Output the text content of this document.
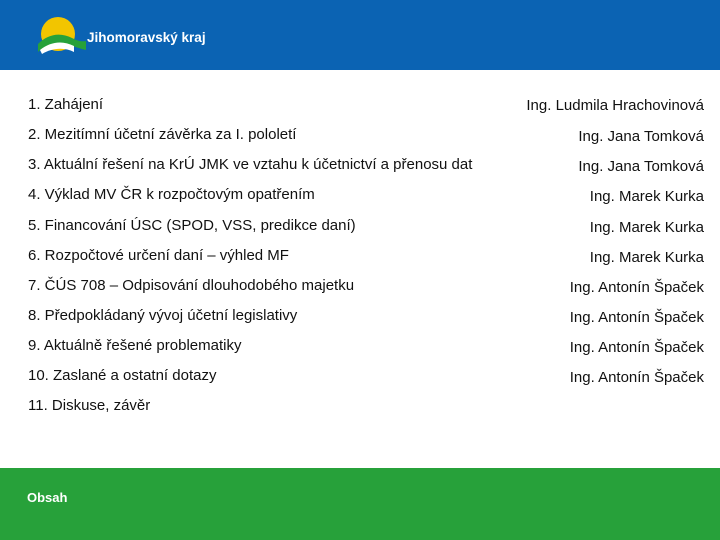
Jihomoravský kraj
1. Zahájení	Ing. Ludmila Hrachovinová
2. Mezitímní účetní závěrka za I. pololetí	Ing. Jana Tomková
3. Aktuální řešení na KrÚ JMK ve vztahu k účetnictví a přenosu dat	Ing. Jana Tomková
4. Výklad MV ČR k rozpočtovým opatřením	Ing. Marek Kurka
5. Financování ÚSC (SPOD, VSS, predikce daní)	Ing. Marek Kurka
6. Rozpočtové určení daní – výhled MF	Ing. Marek Kurka
7. ČÚS 708 – Odpisování dlouhodobého majetku	Ing. Antonín Špaček
8. Předpokládaný vývoj účetní legislativy	Ing. Antonín Špaček
9. Aktuálně řešené problematiky	Ing. Antonín Špaček
10. Zaslané a ostatní dotazy	Ing. Antonín Špaček
11. Diskuse, závěr
Obsah
